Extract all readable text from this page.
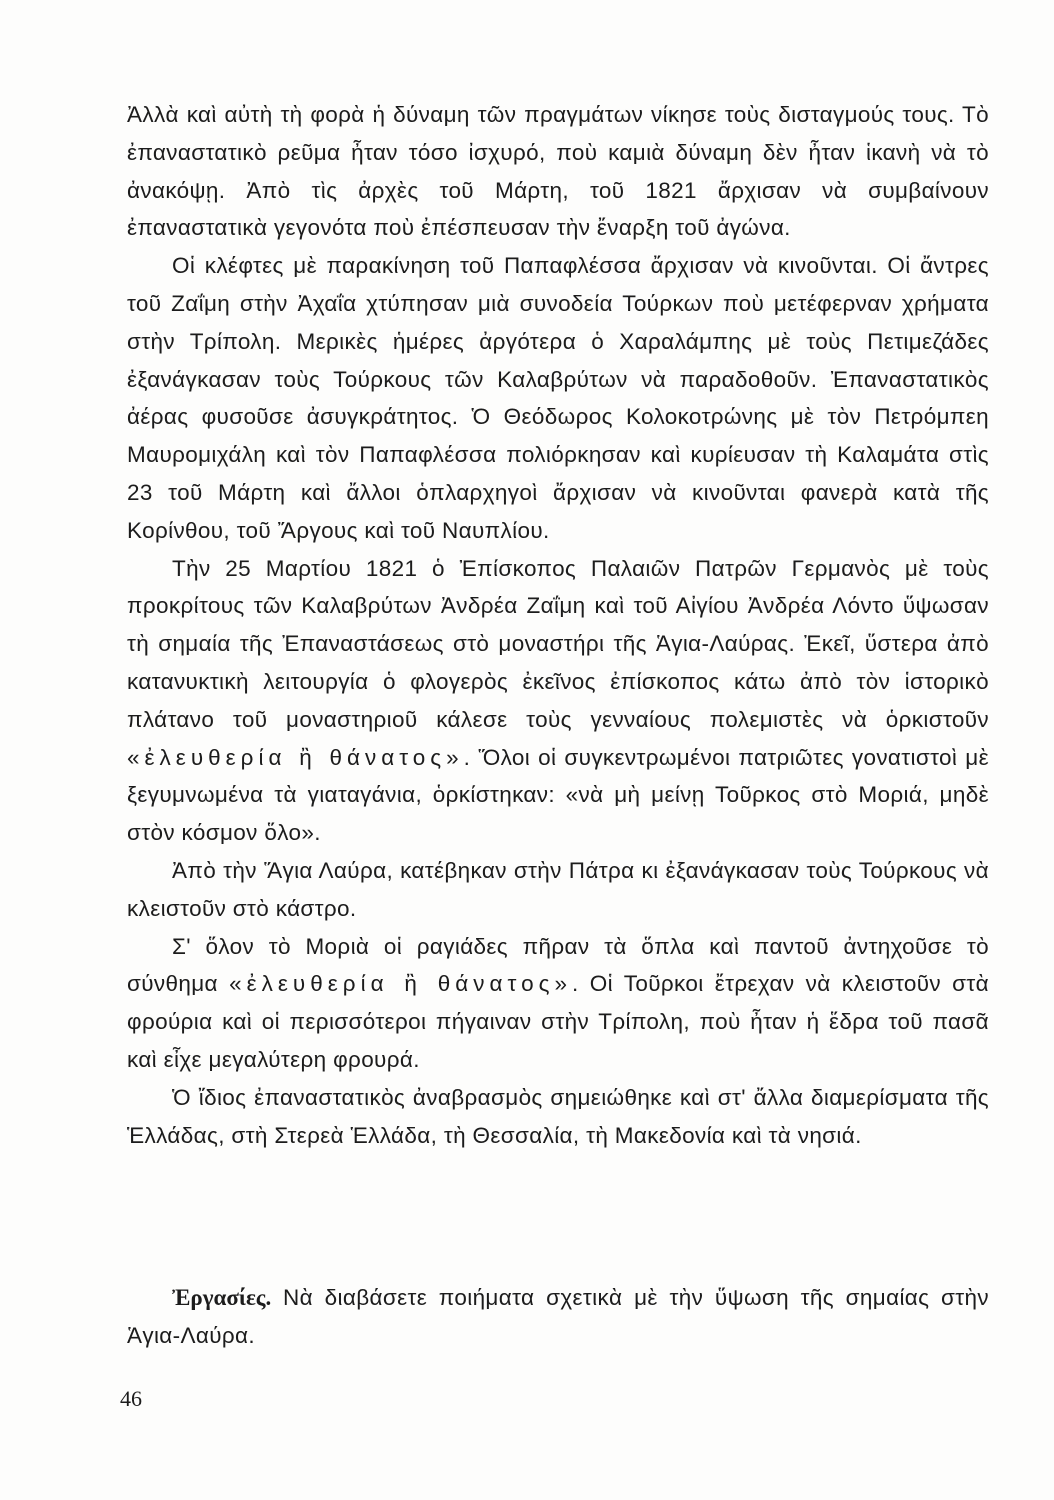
Ἀλλὰ καὶ αὐτὴ τὴ φορὰ ἡ δύναμη τῶν πραγμάτων νίκησε τοὺς δισταγμούς τους. Τὸ ἐπαναστατικὸ ρεῦμα ἦταν τόσο ἰσχυρό, ποὺ καμιὰ δύναμη δὲν ἦταν ἱκανὴ νὰ τὸ ἀνακόψῃ. Ἀπὸ τὶς ἀρχὲς τοῦ Μάρτη, τοῦ 1821 ἄρχισαν νὰ συμβαίνουν ἐπαναστατικὰ γεγονότα ποὺ ἐπέσπευσαν τὴν ἔναρξη τοῦ ἀγώνα.

Οἱ κλέφτες μὲ παρακίνηση τοῦ Παπαφλέσσα ἄρχισαν νὰ κινοῦνται. Οἱ ἄντρες τοῦ Ζαΐμη στὴν Ἀχαΐα χτύπησαν μιὰ συνοδεία Τούρκων ποὺ μετέφερναν χρήματα στὴν Τρίπολη. Μερικὲς ἡμέρες ἀργότερα ὁ Χαραλάμπης μὲ τοὺς Πετιμεζάδες ἐξανάγκασαν τοὺς Τούρκους τῶν Καλαβρύτων νὰ παραδοθοῦν. Ἐπαναστατικὸς ἀέρας φυσοῦσε ἀσυγκράτητος. Ὁ Θεόδωρος Κολοκοτρώνης μὲ τὸν Πετρόμπεη Μαυρομιχάλη καὶ τὸν Παπαφλέσσα πολιόρκησαν καὶ κυρίευσαν τὴ Καλαμάτα στὶς 23 τοῦ Μάρτη καὶ ἄλλοι ὁπλαρχηγοὶ ἄρχισαν νὰ κινοῦνται φανερὰ κατὰ τῆς Κορίνθου, τοῦ Ἄργους καὶ τοῦ Ναυπλίου.

Τὴν 25 Μαρτίου 1821 ὁ Ἐπίσκοπος Παλαιῶν Πατρῶν Γερμανὸς μὲ τοὺς προκρίτους τῶν Καλαβρύτων Ἀνδρέα Ζαΐμη καὶ τοῦ Αἰγίου Ἀνδρέα Λόντο ὕψωσαν τὴ σημαία τῆς Ἐπαναστάσεως στὸ μοναστήρι τῆς Ἁγια-Λαύρας. Ἐκεῖ, ὕστερα ἀπὸ κατανυκτικὴ λειτουργία ὁ φλογερὸς ἐκεῖνος ἐπίσκοπος κάτω ἀπὸ τὸν ἱστορικὸ πλάτανο τοῦ μοναστηριοῦ κάλεσε τοὺς γενναίους πολεμιστὲς νὰ ὁρκιστοῦν «ἐλευθερία ἢ θάνατος». Ὅλοι οἱ συγκεντρωμένοι πατριῶτες γονατιστοὶ μὲ ξεγυμνωμένα τὰ γιαταγάνια, ὁρκίστηκαν: «νὰ μὴ μείνῃ Τοῦρκος στὸ Μοριά, μηδὲ στὸν κόσμον ὅλο».

Ἀπὸ τὴν Ἅγια Λαύρα, κατέβηκαν στὴν Πάτρα κι ἐξανάγκασαν τοὺς Τούρκους νὰ κλειστοῦν στὸ κάστρο.

Σ' ὅλον τὸ Μοριὰ οἱ ραγιάδες πῆραν τὰ ὅπλα καὶ παντοῦ ἀντηχοῦσε τὸ σύνθημα «ἐλευθερία ἢ θάνατος». Οἱ Τοῦρκοι ἔτρεχαν νὰ κλειστοῦν στὰ φρούρια καὶ οἱ περισσότεροι πήγαιναν στὴν Τρίπολη, ποὺ ἦταν ἡ ἕδρα τοῦ πασᾶ καὶ εἶχε μεγαλύτερη φρουρά.

Ὁ ἴδιος ἐπαναστατικὸς ἀναβρασμὸς σημειώθηκε καὶ στ' ἄλλα διαμερίσματα τῆς Ἑλλάδας, στὴ Στερεὰ Ἑλλάδα, τὴ Θεσσαλία, τὴ Μακεδονία καὶ τὰ νησιά.

Ἐργασίες. Νὰ διαβάσετε ποιήματα σχετικὰ μὲ τὴν ὕψωση τῆς σημαίας στὴν Ἁγια-Λαύρα.

46
